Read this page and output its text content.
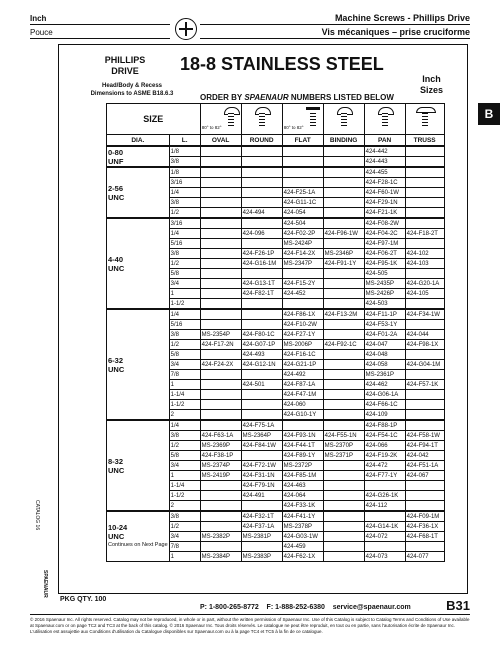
Inch
Pouce
Machine Screws - Phillips Drive
Vis mécaniques – prise cruciforme
B
PHILLIPS
DRIVE	18-8 STAINLESS STEEL
Inch
Sizes
Head/Body & Recess
Dimensions to ASME B18.6.3	ORDER BY SPAENAUR NUMBERS LISTED BELOW
SIZE		80° to 82°		80° to 82°

DIA.	L.	OVAL	ROUND	FLAT	BINDING	PAN	TRUSS

0-80
UNF	1/8					424-442	
	3/8					424-443	

2-56
UNC	1/8					424-455	
	3/16					424-F28-1C	
	1/4			424-F25-1A		424-F60-1W	
	3/8			424-G11-1C		424-F29-1N	
	1/2		424-494	424-054		424-F21-1K	

4-40
UNC	3/16			424-504		424-F08-2W	
	1/4		424-096	424-F02-2P	424-F96-1W	424-F04-2C	424-F18-2T
	5/16			MS-2424P		424-F97-1M	
	3/8		424-F26-1P	424-F14-2X	MS-2346P	424-F06-2T	424-102
	1/2		424-G16-1M	MS-2347P	424-F91-1Y	424-F95-1K	424-103
	5/8					424-505	
	3/4		424-G13-1T	424-F15-2Y		MS-2435P	424-G20-1A
	1		424-F82-1T	424-452		MS-2426P	424-105
	1-1/2					424-503	

6-32
UNC	1/4			424-F86-1X	424-F13-2M	424-F11-1P	424-F34-1W
	5/16			424-F10-2W		424-F53-1Y	
	3/8	MS-2354P	424-F80-1C	424-F27-1Y		424-F01-2A	424-044
	1/2	424-F17-2N	424-G07-1P	MS-2006P	424-F92-1C	424-047	424-F98-1X
	5/8		424-493	424-F16-1C		424-048	
	3/4	424-F24-2X	424-G12-1N	424-G21-1P		424-058	424-G04-1M
	7/8			424-492		MS-2361P	
	1		424-501	424-F87-1A		424-462	424-F57-1K
	1-1/4			424-F47-1M		424-G06-1A	
	1-1/2			424-060		424-F66-1C	
	2			424-G10-1Y		424-109	

8-32
UNC	1/4		424-F75-1A			424-F88-1P	
	3/8	424-F63-1A	MS-2364P	424-F93-1N	424-F55-1N	424-F54-1C	424-F58-1W
	1/2	MS-2369P	424-F84-1W	424-F44-1T	MS-2370P	424-066	424-F94-1T
	5/8	424-F38-1P		424-F89-1Y	MS-2371P	424-F19-2K	424-042
	3/4	MS-2374P	424-F72-1W	MS-2372P		424-472	424-F51-1A
	1	MS-2419P	424-F31-1N	424-F85-1M		424-F77-1Y	424-067
	1-1/4		424-F79-1N	424-463			
	1-1/2		424-491	424-064		424-G26-1K	
	2			424-F33-1K		424-112	

10-24
UNC
Continues on Next Page	3/8		424-F32-1T	424-F41-1Y			424-F09-1M
	1/2		424-F37-1A	MS-2378P		424-G14-1K	424-F36-1X
	3/4	MS-2382P	MS-2381P	424-G03-1W		424-072	424-F68-1T
	7/8			424-459			
	1	MS-2384P	MS-2383P	424-F62-1X		424-073	424-077
PKG QTY. 100
P: 1-800-265-8772 F: 1-888-252-6380 service@spaenaur.com	B31
© 2016 Spaenaur Inc. All rights reserved. Catalog may not be reproduced, in whole or in part, without the written permission of Spaenaur Inc. Use of this Catalog is subject to Catalog Terms and Conditions of Use available at Spaenaur.com or on page TC2 and TC3 at the back of this catalog. © 2016 Spaenaur Inc. Tous droits réservés. Le catalogue ne peut être reproduit, en tout ou en partie, sans l'autorisation écrite de Spaenaur Inc. L'utilisation est assujettie aux Conditions d'utilisation du Catalogue disponibles sur Spaenaur.com ou à la page TC4 et TC5 à la fin de ce catalogue.
CATALOG 16
SPAENAUR
